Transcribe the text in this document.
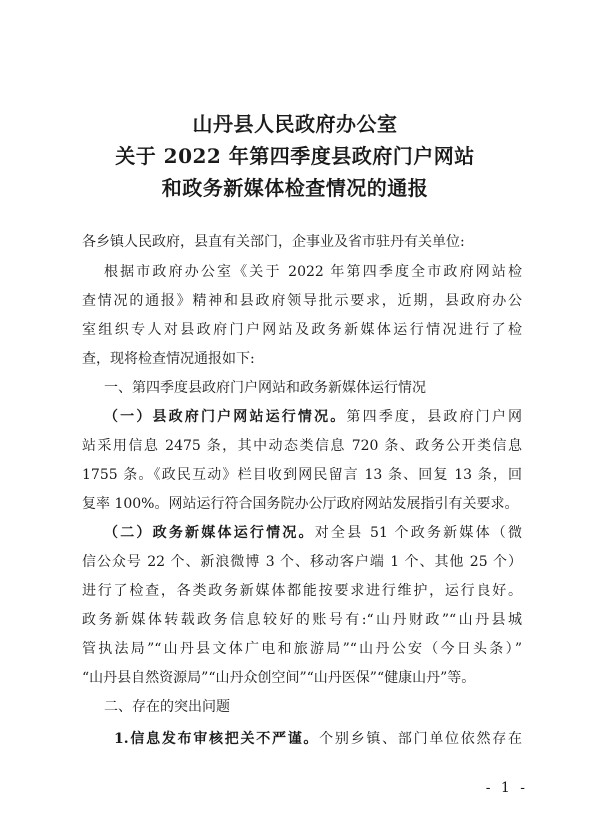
山丹县人民政府办公室
关于 2022 年第四季度县政府门户网站
和政务新媒体检查情况的通报
各乡镇人民政府，县直有关部门，企事业及省市驻丹有关单位:
根据市政府办公室《关于 2022 年第四季度全市政府网站检
查情况的通报》精神和县政府领导批示要求，近期，县政府办公
室组织专人对县政府门户网站及政务新媒体运行情况进行了检
查，现将检查情况通报如下:
一、第四季度县政府门户网站和政务新媒体运行情况
（一）县政府门户网站运行情况。第四季度，县政府门户网
站采用信息 2475 条，其中动态类信息 720 条、政务公开类信息
1755 条。《政民互动》栏目收到网民留言 13 条、回复 13 条，回
复率 100%。网站运行符合国务院办公厅政府网站发展指引有关要求。
（二）政务新媒体运行情况。对全县 51 个政务新媒体（微
信公众号 22 个、新浪微博 3 个、移动客户端 1 个、其他 25 个）
进行了检查，各类政务新媒体都能按要求进行维护，运行良好。
政务新媒体转载政务信息较好的账号有:“山丹财政”“山丹县城
管执法局”“山丹县文体广电和旅游局”“山丹公安（今日头条）”
“山丹县自然资源局”“山丹众创空间”“山丹医保”“健康山丹”等。
二、存在的突出问题
1.信息发布审核把关不严谨。个别乡镇、部门单位依然存在
- 1 -
